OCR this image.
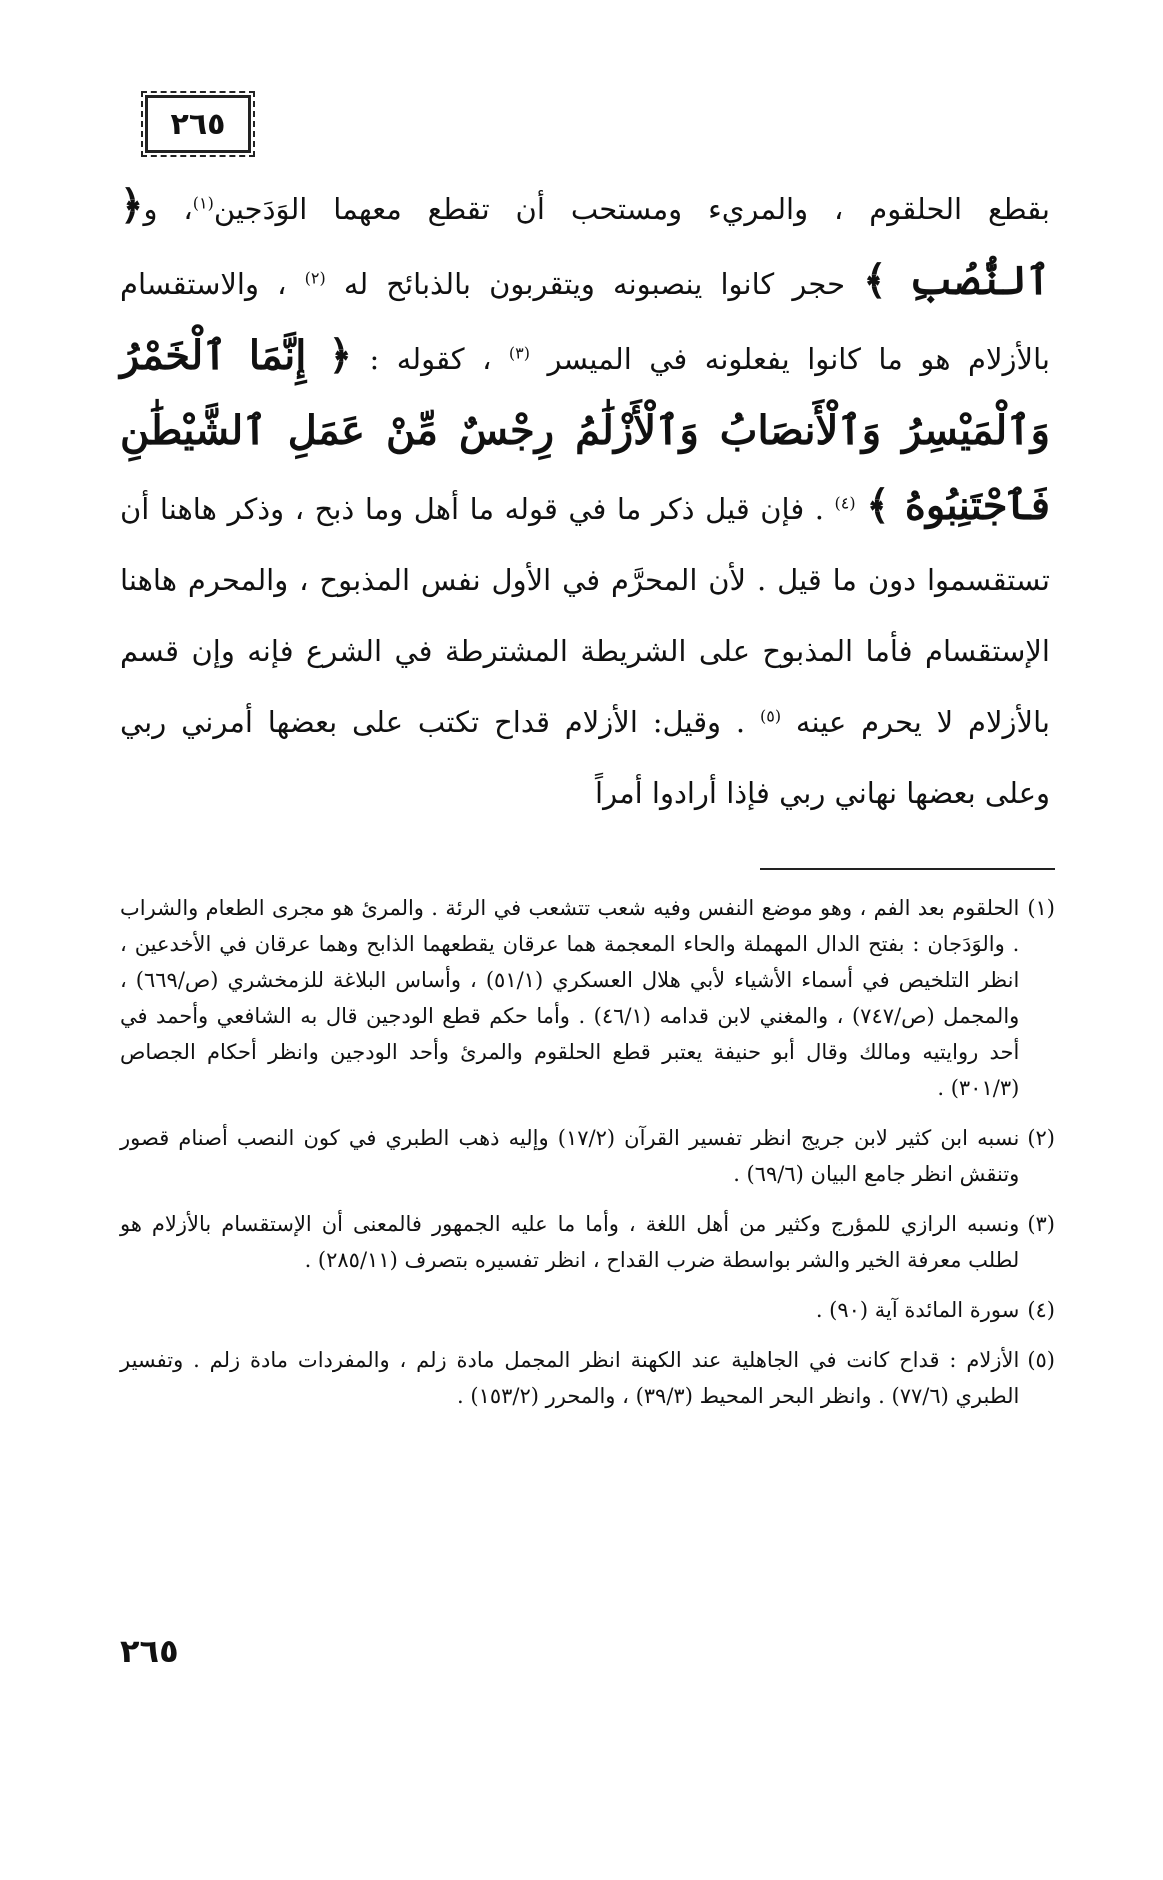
٢٦٥

بقطع الحلقوم ، والمريء ومستحب أن تقطع معهما الوَدَجين$^{(١)}$، و﴿ ٱلنُّصُبِ ﴾ حجر كانوا ينصبونه ويتقربون بالذبائح له $^{(٢)}$ ، والاستقسام بالأزلام هو ما كانوا يفعلونه في الميسر $^{(٣)}$ ، كقوله : ﴿ إِنَّمَا ٱلْخَمْرُ وَٱلْمَيْسِرُ وَٱلْأَنصَابُ وَٱلْأَزْلَٰمُ رِجْسٌ مِّنْ عَمَلِ ٱلشَّيْطَٰنِ فَٱجْتَنِبُوهُ ﴾ $^{(٤)}$ . فإن قيل ذكر ما في قوله ما أهل وما ذبح ، وذكر هاهنا أن تستقسموا دون ما قيل . لأن المحرَّم في الأول نفس المذبوح ، والمحرم هاهنا الإستقسام فأما المذبوح على الشريطة المشترطة في الشرع فإنه وإن قسم بالأزلام لا يحرم عينه $^{(٥)}$ . وقيل: الأزلام قداح تكتب على بعضها أمرني ربي وعلى بعضها نهاني ربي فإذا أرادوا أمراً

(١)
الحلقوم بعد الفم ، وهو موضع النفس وفيه شعب تتشعب في الرئة . والمرئ هو مجرى الطعام والشراب . والوَدَجان : بفتح الدال المهملة والحاء المعجمة هما عرقان يقطعهما الذابح وهما عرقان في الأخدعين ، انظر التلخيص في أسماء الأشياء لأبي هلال العسكري (٥١/١) ، وأساس البلاغة للزمخشري (ص/٦٦٩) ، والمجمل (ص/٧٤٧) ، والمغني لابن قدامه (٤٦/١) . وأما حكم قطع الودجين قال به الشافعي وأحمد في أحد روايتيه ومالك وقال أبو حنيفة يعتبر قطع الحلقوم والمرئ وأحد الودجين وانظر أحكام الجصاص (٣٠١/٣) .
(٢)
نسبه ابن كثير لابن جريج انظر تفسير القرآن (١٧/٢) وإليه ذهب الطبري في كون النصب أصنام قصور وتنقش انظر جامع البيان (٦٩/٦) .
(٣)
ونسبه الرازي للمؤرج وكثير من أهل اللغة ، وأما ما عليه الجمهور فالمعنى أن الإستقسام بالأزلام هو لطلب معرفة الخير والشر بواسطة ضرب القداح ، انظر تفسيره بتصرف (٢٨٥/١١) .
(٤)
سورة المائدة آية (٩٠) .
(٥)
الأزلام : قداح كانت في الجاهلية عند الكهنة انظر المجمل مادة زلم ، والمفردات مادة زلم . وتفسير الطبري (٧٧/٦) . وانظر البحر المحيط (٣٩/٣) ، والمحرر (١٥٣/٢) .
٢٦٥
